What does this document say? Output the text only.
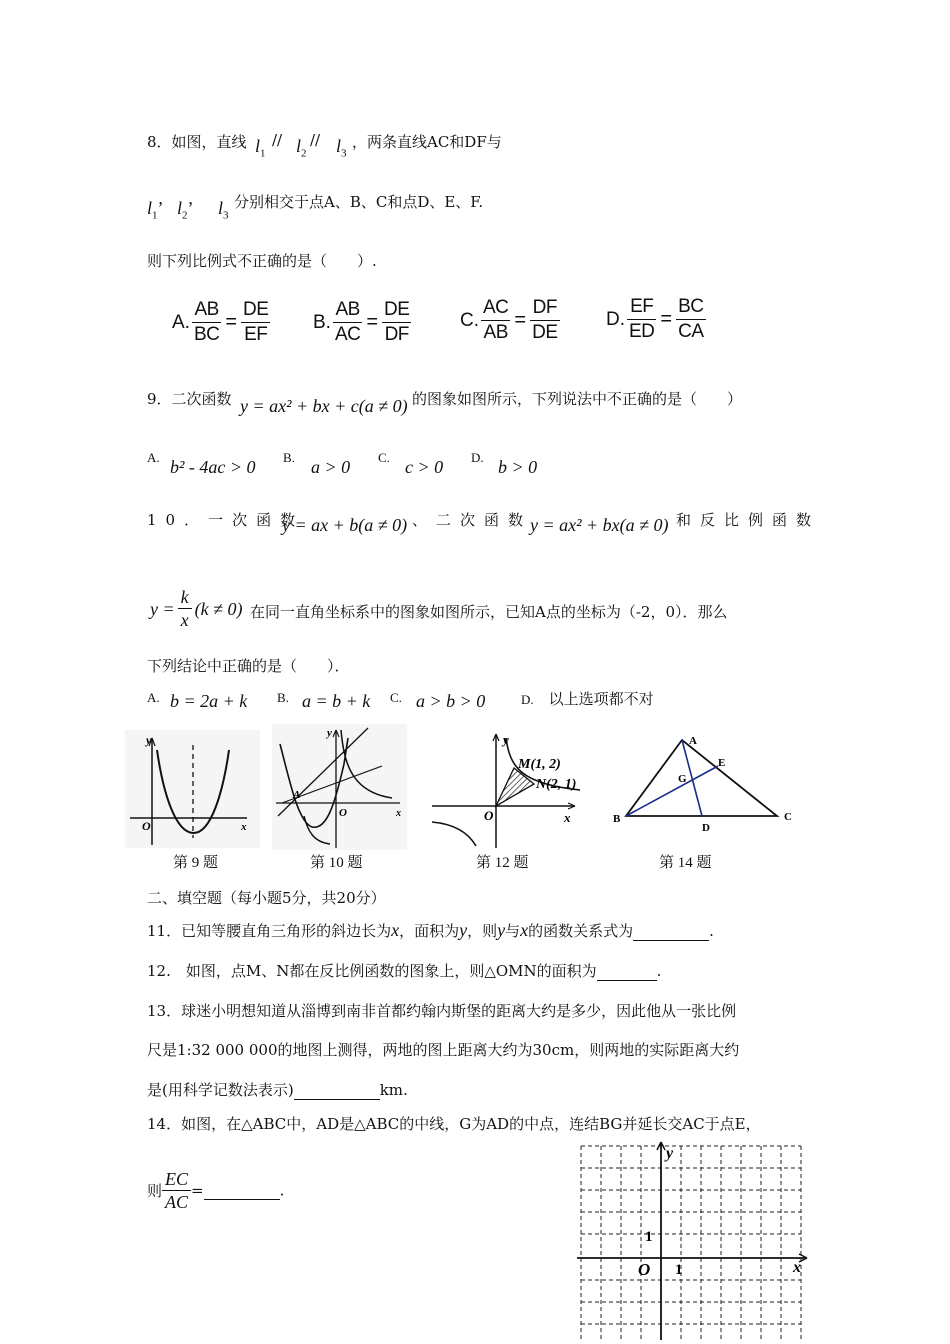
8．如图，直线 $l_1$
// $l_2$
// $l_3$
，两条直线AC和DF与
$l_1$’ $l_2$’ $l_3$
分别相交于点A、B、C和点D、E、F.
则下列比例式不正确的是（　　）.
A. $\frac{AB}{BC} = \frac{DE}{EF} B$. $\frac{AB}{AC} = \frac{DE}{DF}$	C. $\frac{AC}{AB} = \frac{DF}{DE} D$. $\frac{EF}{ED} = \frac{BC}{CA}$
9．二次函数 y = ax² + bx + c(a ≠ 0) 的图象如图所示，下列说法中不正确的是（　　）
A. b² - 4ac > 0 B. a > 0 C. c > 0 D. b > 0
10．一次函数
y = ax + b(a ≠ 0) 、二次函数
y = ax² + bx(a ≠ 0) 和反比例函数
$y = \frac{k}{x} (k \ne 0)$ 在同一直角坐标系中的图象如图所示，已知A点的坐标为（-2，0）．那么
下列结论中正确的是（　　）．
A. b = 2a + k B. a = b + k C. a > b > 0	D.　 以上选项都不对
y
x
O
第 9 题
y
x
O
A
第 10 题
y
x
O
M(1, 2)
N(2, 1)
第 12 题
A
B	C
D
E
G
第 14 题
二、填空题（每小题5分，共20分）
11．已知等腰直角三角形的斜边长为x，面积为y，则y与x的函数关系式为	.
12.　如图，点M、N都在反比例函数的图象上，则△OMN的面积为	.
13．球迷小明想知道从淄博到南非首都约翰内斯堡的距离大约是多少，因此他从一张比例
尺是1:32 000 000的地图上测得，两地的图上距离大约为30cm，则两地的实际距离大约
是(用科学记数法表示)	km.
14．如图，在△ABC中，AD是△ABC的中线，G为AD的中点，连结BG并延长交AC于点E，
则 $\frac{EC}{AC}$ =	.
y
x
O
1
1
